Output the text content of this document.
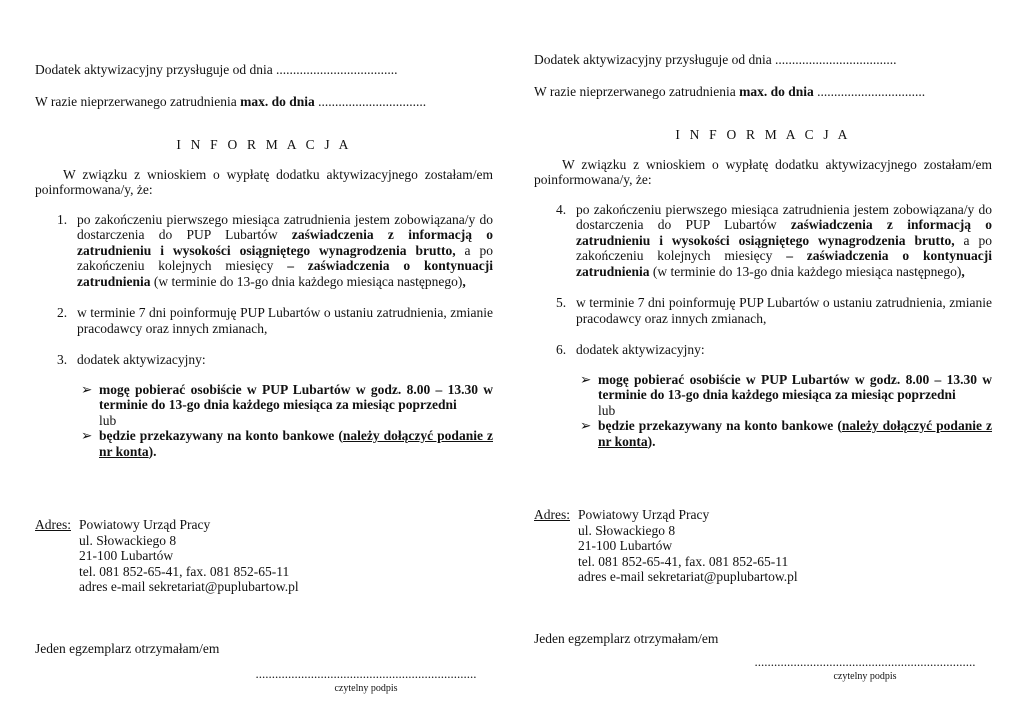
Dodatek aktywizacyjny przysługuje od dnia ....................................

W razie nieprzerwanego zatrudnienia max. do dnia ................................

I N F O R M A C J A

W związku z wnioskiem o wypłatę dodatku aktywizacyjnego zostałam/em poinformowana/y, że:

1. po zakończeniu pierwszego miesiąca zatrudnienia jestem zobowiązana/y do dostarczenia do PUP Lubartów zaświadczenia z informacją o zatrudnieniu i wysokości osiągniętego wynagrodzenia brutto, a po zakończeniu kolejnych miesięcy – zaświadczenia o kontynuacji zatrudnienia (w terminie do 13-go dnia każdego miesiąca następnego),
2. w terminie 7 dni poinformuję PUP Lubartów o ustaniu zatrudnienia, zmianie pracodawcy oraz innych zmianach,
3. dodatek aktywizacyjny:
➢ mogę pobierać osobiście w PUP Lubartów w godz. 8.00 – 13.30 w terminie do 13-go dnia każdego miesiąca za miesiąc poprzedni
lub
➢ będzie przekazywany na konto bankowe (należy dołączyć podanie z nr konta).
Adres: Powiatowy Urząd Pracy

ul. Słowackiego 8

21-100 Lubartów

tel. 081 852-65-41, fax. 081 852-65-11

adres e-mail sekretariat@puplubartow.pl

Jeden egzemplarz otrzymałam/em

....................................................................
czytelny podpis

Dodatek aktywizacyjny przysługuje od dnia ....................................

W razie nieprzerwanego zatrudnienia max. do dnia ................................

I N F O R M A C J A

W związku z wnioskiem o wypłatę dodatku aktywizacyjnego zostałam/em poinformowana/y, że:

4. po zakończeniu pierwszego miesiąca zatrudnienia jestem zobowiązana/y do dostarczenia do PUP Lubartów zaświadczenia z informacją o zatrudnieniu i wysokości osiągniętego wynagrodzenia brutto, a po zakończeniu kolejnych miesięcy – zaświadczenia o kontynuacji zatrudnienia (w terminie do 13-go dnia każdego miesiąca następnego),
5. w terminie 7 dni poinformuję PUP Lubartów o ustaniu zatrudnienia, zmianie pracodawcy oraz innych zmianach,
6. dodatek aktywizacyjny:
➢ mogę pobierać osobiście w PUP Lubartów w godz. 8.00 – 13.30 w terminie do 13-go dnia każdego miesiąca za miesiąc poprzedni
lub
➢ będzie przekazywany na konto bankowe (należy dołączyć podanie z nr konta).
Adres: Powiatowy Urząd Pracy

ul. Słowackiego 8

21-100 Lubartów

tel. 081 852-65-41, fax. 081 852-65-11

adres e-mail sekretariat@puplubartow.pl

Jeden egzemplarz otrzymałam/em

....................................................................
czytelny podpis
